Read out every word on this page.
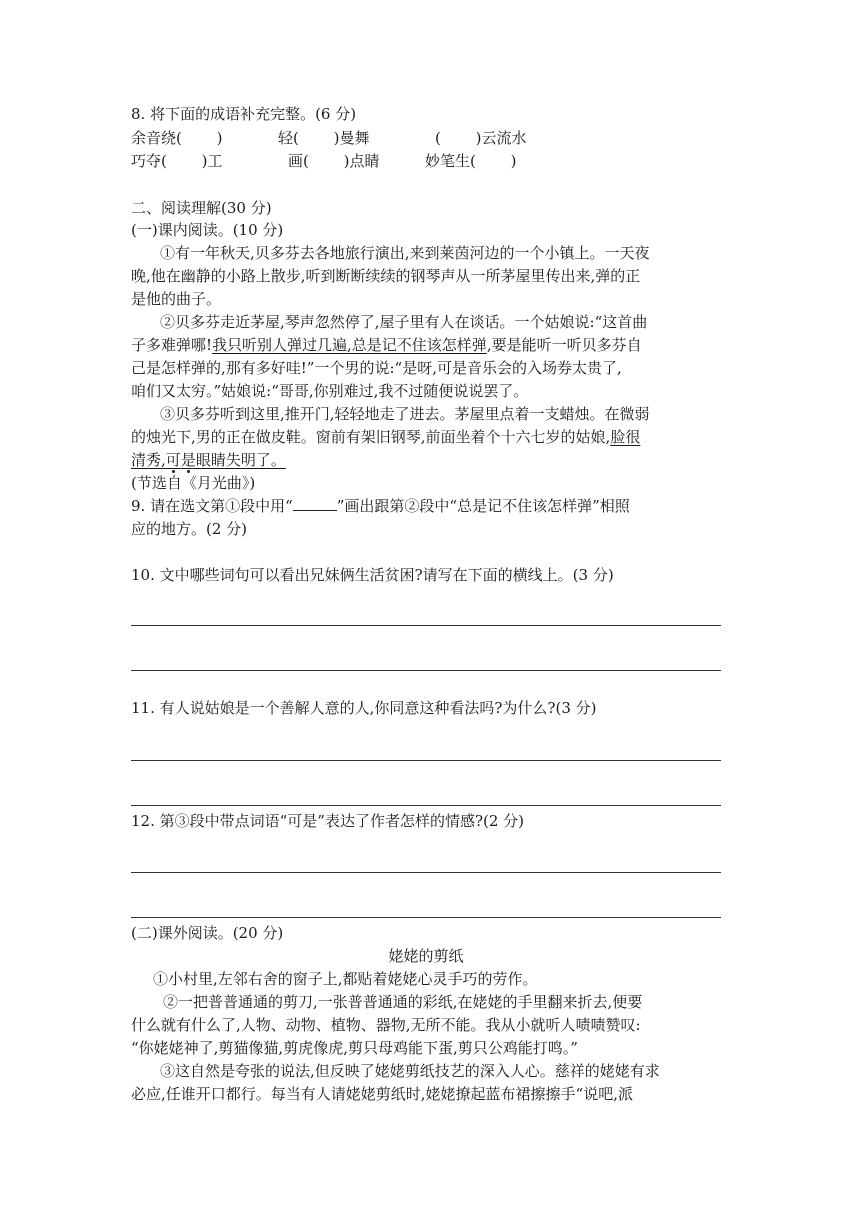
8. 将下面的成语补充完整。(6 分)
余音绕(　　 )	轻(　　 )曼舞	(　　 )云流水
巧夺(　　 )工	画(　　 )点睛	妙笔生(　　 )
二、阅读理解(30 分)
(一)课内阅读。(10 分)
①有一年秋天,贝多芬去各地旅行演出,来到莱茵河边的一个小镇上。一天夜
晚,他在幽静的小路上散步,听到断断续续的钢琴声从一所茅屋里传出来,弹的正
是他的曲子。
②贝多芬走近茅屋,琴声忽然停了,屋子里有人在谈话。一个姑娘说:“这首曲
子多难弹哪!我只听别人弹过几遍,总是记不住该怎样弹,要是能听一听贝多芬自
己是怎样弹的,那有多好哇!”一个男的说:“是呀,可是音乐会的入场券太贵了,
咱们又太穷。”姑娘说:“哥哥,你别难过,我不过随便说说罢了。
③贝多芬听到这里,推开门,轻轻地走了进去。茅屋里点着一支蜡烛。在微弱
的烛光下,男的正在做皮鞋。窗前有架旧钢琴,前面坐着个十六七岁的姑娘,脸很
清秀,可是眼睛失明了。
(节选自《月光曲》)
9. 请在选文第①段中用“	”画出跟第②段中“总是记不住该怎样弹”相照
应的地方。(2 分)
10. 文中哪些词句可以看出兄妹俩生活贫困?请写在下面的横线上。(3 分)
11. 有人说姑娘是一个善解人意的人,你同意这种看法吗?为什么?(3 分)
12. 第③段中带点词语“可是”表达了作者怎样的情感?(2 分)
(二)课外阅读。(20 分)
姥姥的剪纸
①小村里,左邻右舍的窗子上,都贴着姥姥心灵手巧的劳作。
②一把普普通通的剪刀,一张普普通通的彩纸,在姥姥的手里翻来折去,便要
什么就有什么了,人物、动物、植物、器物,无所不能。我从小就听人啧啧赞叹:
“你姥姥神了,剪猫像猫,剪虎像虎,剪只母鸡能下蛋,剪只公鸡能打鸣。”
③这自然是夸张的说法,但反映了姥姥剪纸技艺的深入人心。慈祥的姥姥有求
必应,任谁开口都行。每当有人请姥姥剪纸时,姥姥撩起蓝布裙擦擦手“说吧,派
